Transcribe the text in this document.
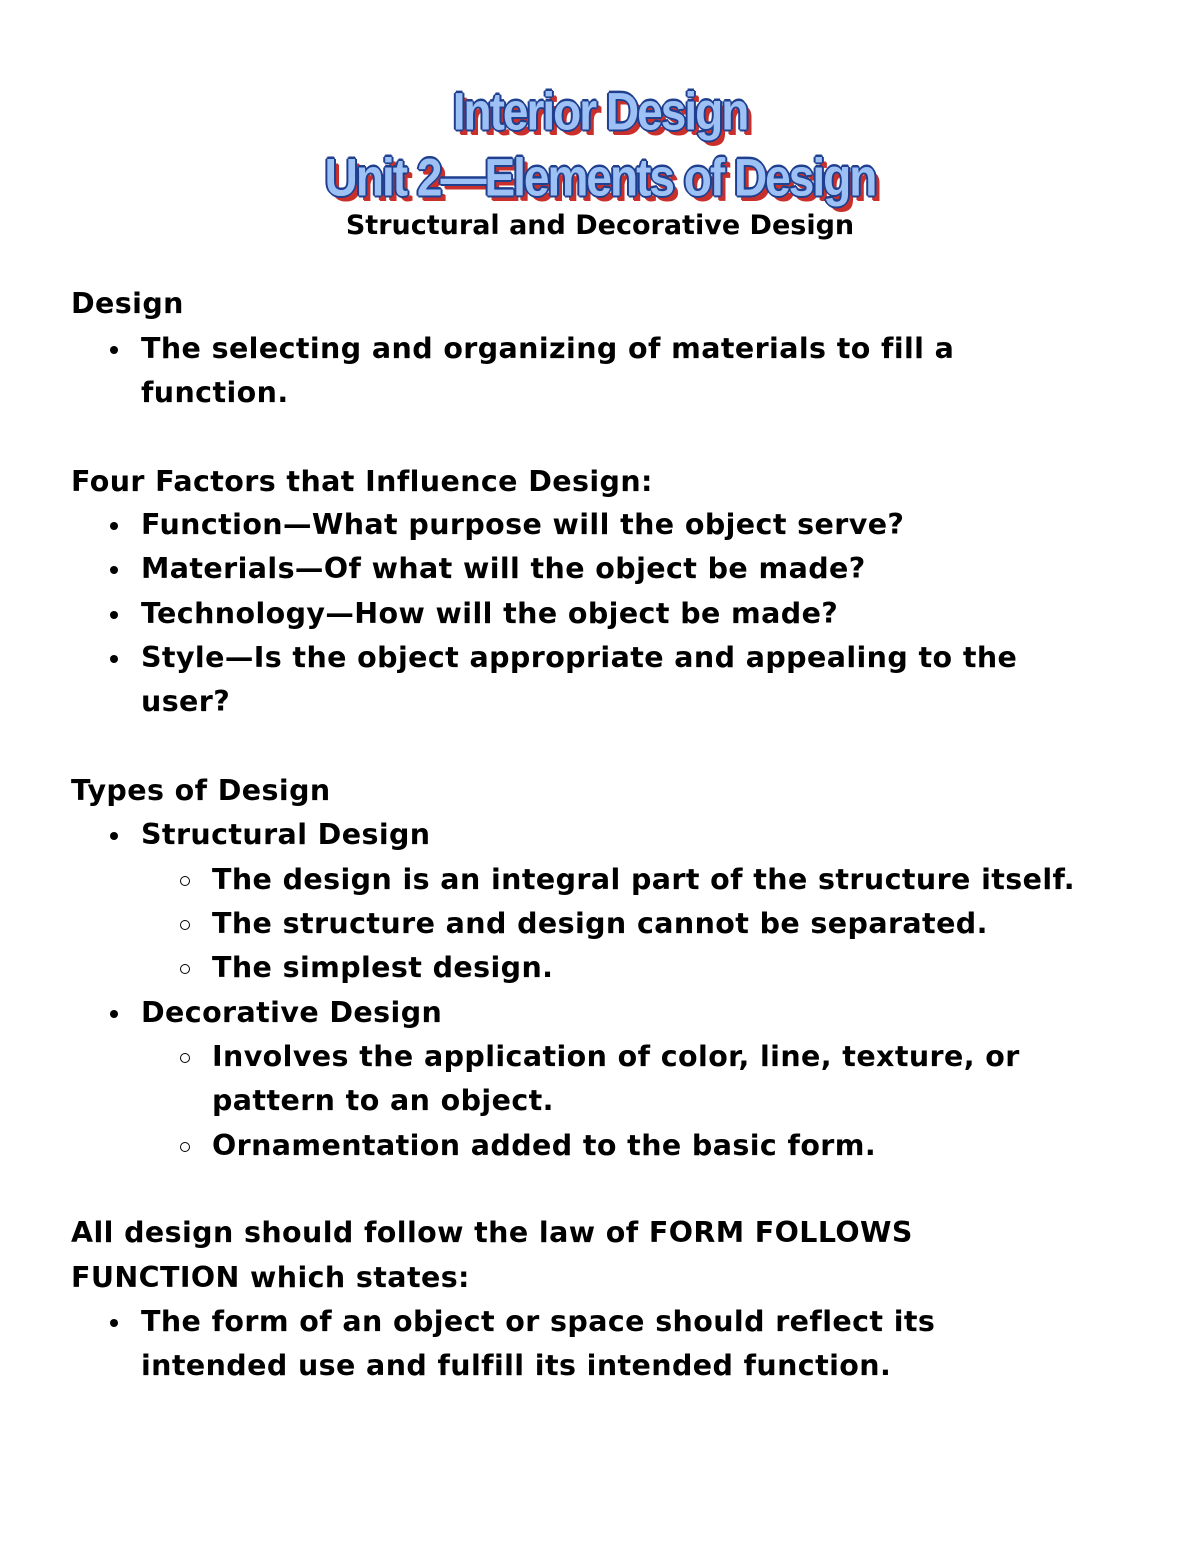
Interior Design
Unit 2—Elements of Design
Structural and Decorative Design
Design
The selecting and organizing of materials to fill a
function.
Four Factors that Influence Design:
Function—What purpose will the object serve?
Materials—Of what will the object be made?
Technology—How will the object be made?
Style—Is the object appropriate and appealing to the
user?
Types of Design
Structural Design
The design is an integral part of the structure itself.
The structure and design cannot be separated.
The simplest design.
Decorative Design
Involves the application of color, line, texture, or
pattern to an object.
Ornamentation added to the basic form.
All design should follow the law of FORM FOLLOWS
FUNCTION which states:
The form of an object or space should reflect its
intended use and fulfill its intended function.
